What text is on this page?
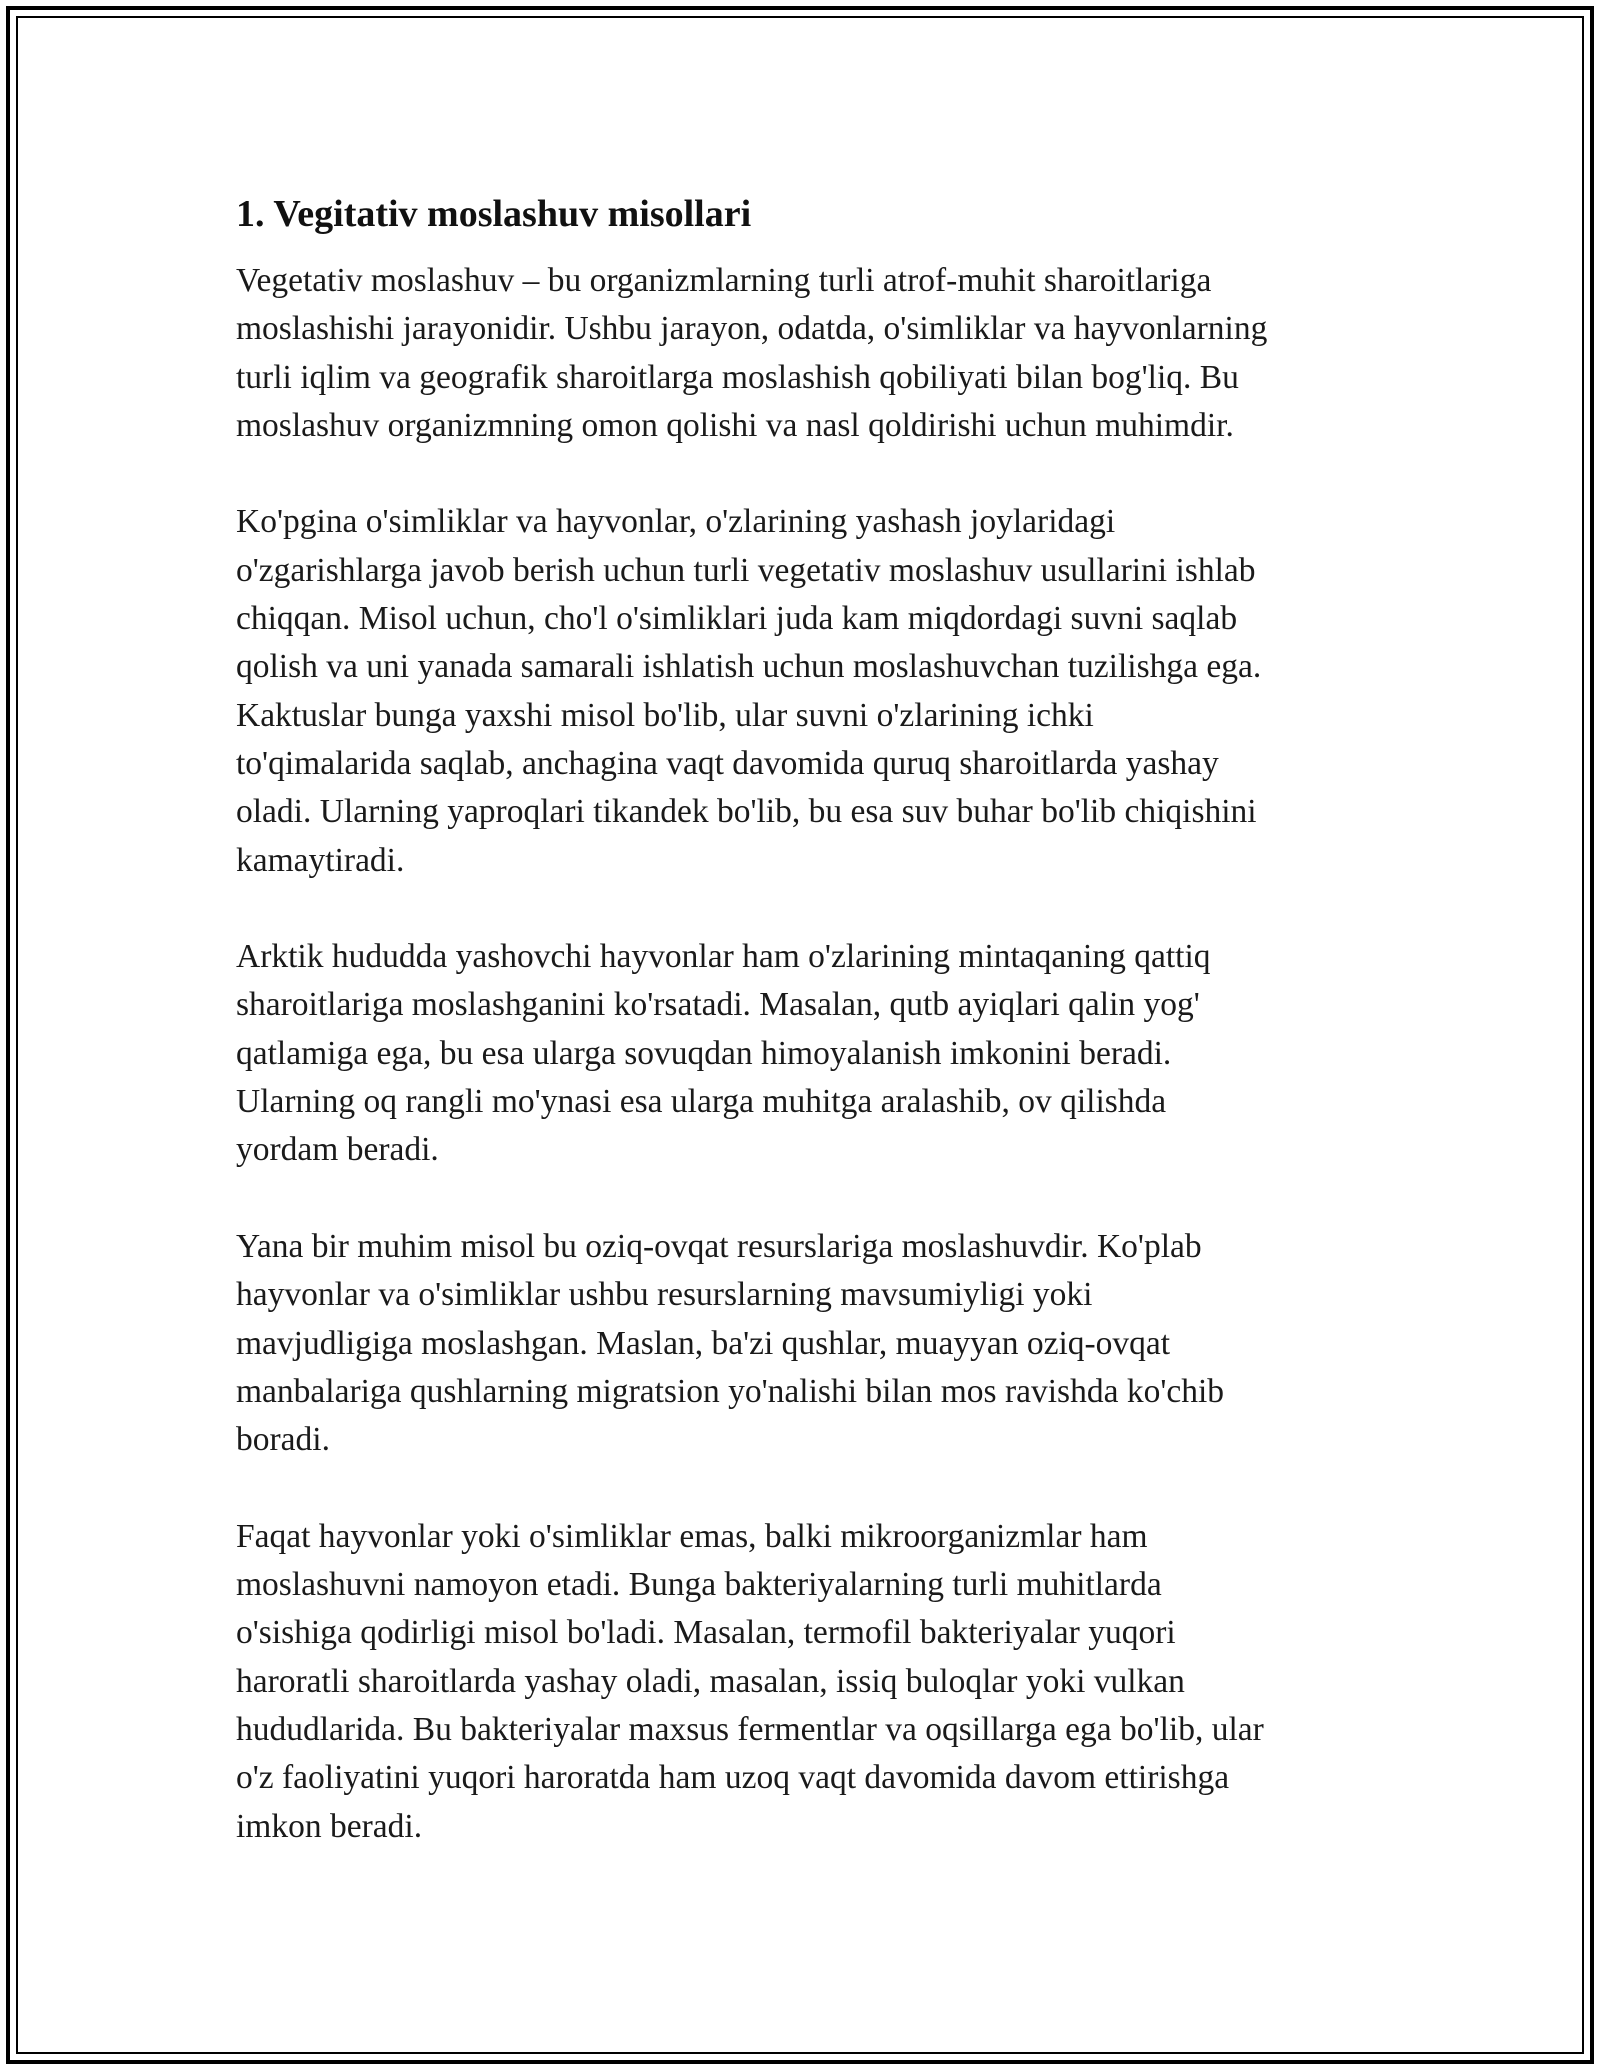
1. Vegitativ moslashuv misollari

Vegetativ moslashuv – bu organizmlarning turli atrof-muhit sharoitlariga
moslashishi jarayonidir. Ushbu jarayon, odatda, o'simliklar va hayvonlarning
turli iqlim va geografik sharoitlarga moslashish qobiliyati bilan bog'liq. Bu
moslashuv organizmning omon qolishi va nasl qoldirishi uchun muhimdir.

Ko'pgina o'simliklar va hayvonlar, o'zlarining yashash joylaridagi
o'zgarishlarga javob berish uchun turli vegetativ moslashuv usullarini ishlab
chiqqan. Misol uchun, cho'l o'simliklari juda kam miqdordagi suvni saqlab
qolish va uni yanada samarali ishlatish uchun moslashuvchan tuzilishga ega.
Kaktuslar bunga yaxshi misol bo'lib, ular suvni o'zlarining ichki
to'qimalarida saqlab, anchagina vaqt davomida quruq sharoitlarda yashay
oladi. Ularning yaproqlari tikandek bo'lib, bu esa suv buhar bo'lib chiqishini
kamaytiradi.

Arktik hududda yashovchi hayvonlar ham o'zlarining mintaqaning qattiq
sharoitlariga moslashganini ko'rsatadi. Masalan, qutb ayiqlari qalin yog'
qatlamiga ega, bu esa ularga sovuqdan himoyalanish imkonini beradi.
Ularning oq rangli mo'ynasi esa ularga muhitga aralashib, ov qilishda
yordam beradi.

Yana bir muhim misol bu oziq-ovqat resurslariga moslashuvdir. Ko'plab
hayvonlar va o'simliklar ushbu resurslarning mavsumiyligi yoki
mavjudligiga moslashgan. Maslan, ba'zi qushlar, muayyan oziq-ovqat
manbalariga qushlarning migratsion yo'nalishi bilan mos ravishda ko'chib
boradi.

Faqat hayvonlar yoki o'simliklar emas, balki mikroorganizmlar ham
moslashuvni namoyon etadi. Bunga bakteriyalarning turli muhitlarda
o'sishiga qodirligi misol bo'ladi. Masalan, termofil bakteriyalar yuqori
haroratli sharoitlarda yashay oladi, masalan, issiq buloqlar yoki vulkan
hududlarida. Bu bakteriyalar maxsus fermentlar va oqsillarga ega bo'lib, ular
o'z faoliyatini yuqori haroratda ham uzoq vaqt davomida davom ettirishga
imkon beradi.
